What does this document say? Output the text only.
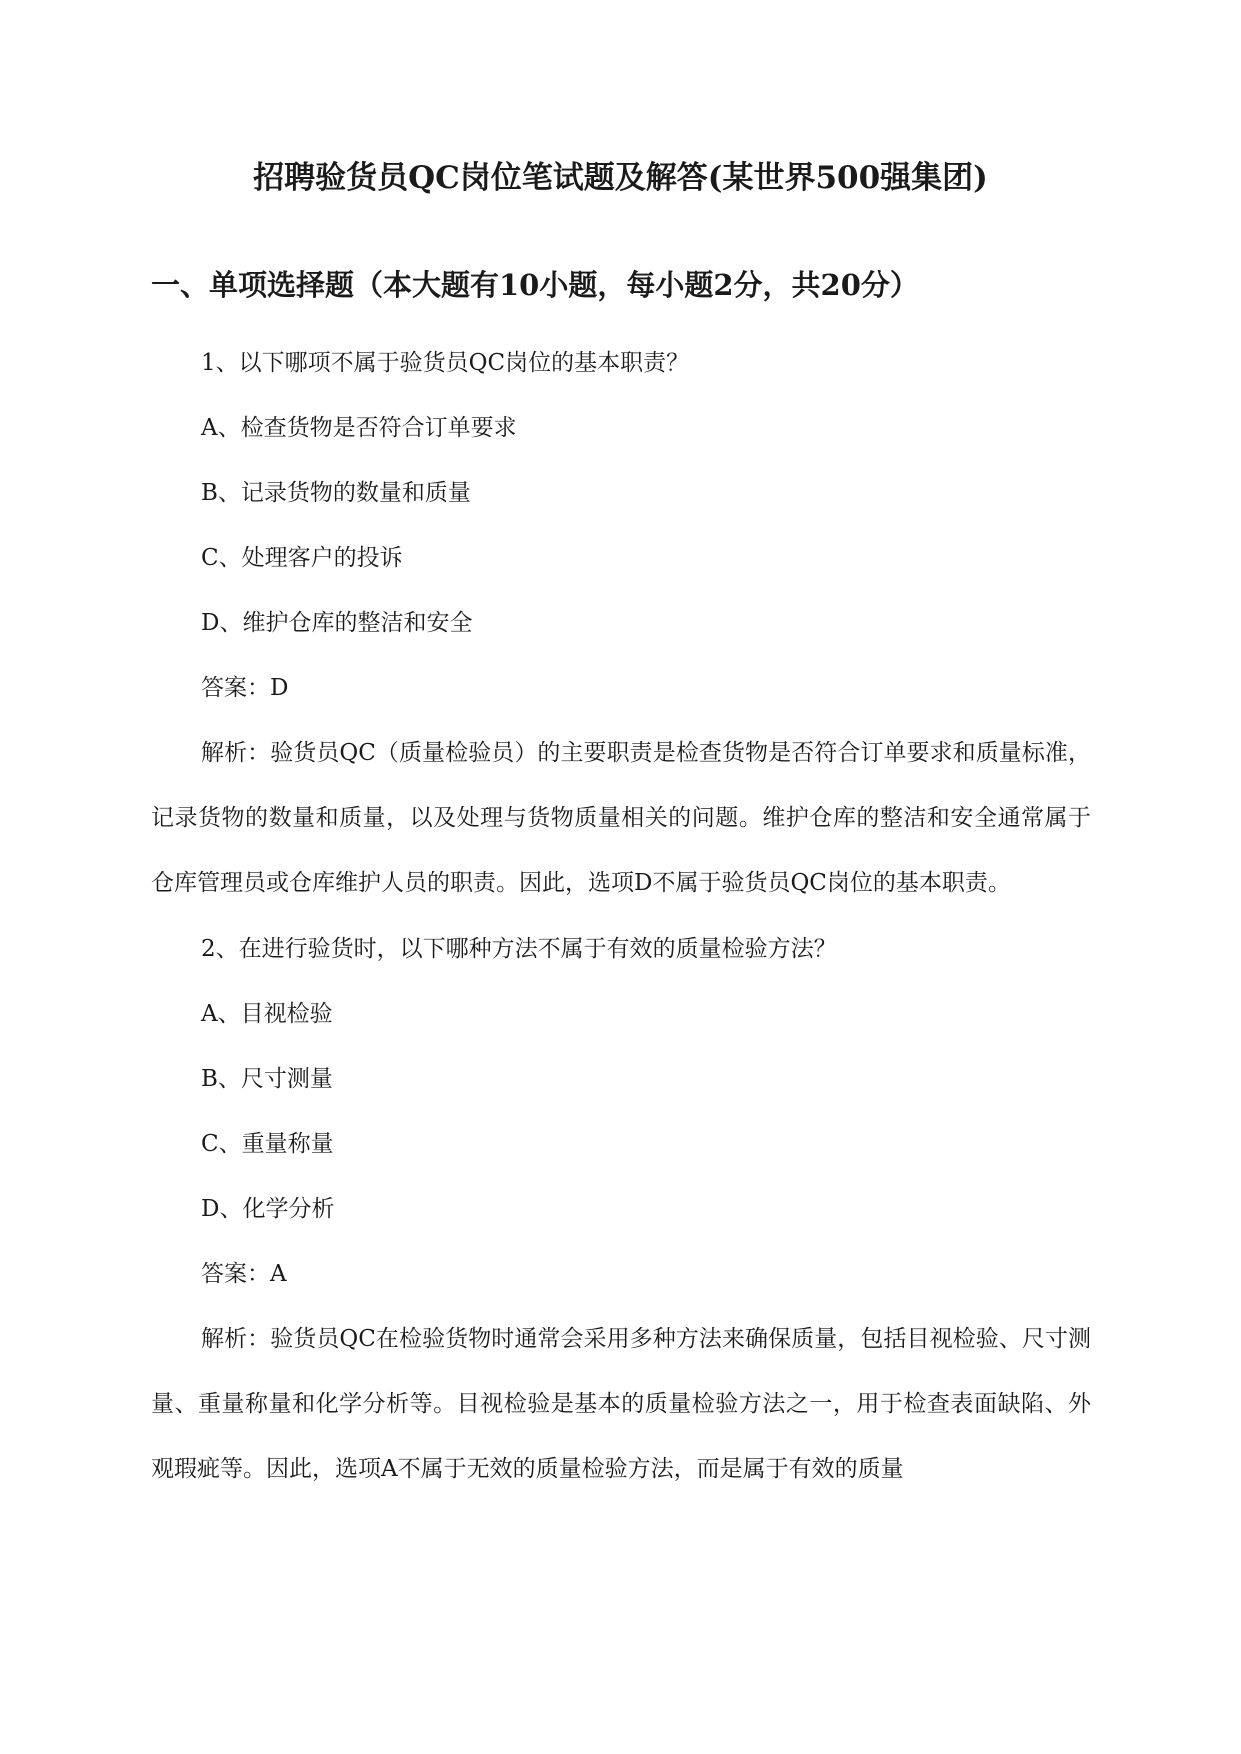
招聘验货员QC岗位笔试题及解答(某世界500强集团)
一、单项选择题（本大题有10小题，每小题2分，共20分）

1、以下哪项不属于验货员QC岗位的基本职责？

A、检查货物是否符合订单要求

B、记录货物的数量和质量

C、处理客户的投诉

D、维护仓库的整洁和安全

答案：D

解析：验货员QC（质量检验员）的主要职责是检查货物是否符合订单要求和质量标准，记录货物的数量和质量，以及处理与货物质量相关的问题。维护仓库的整洁和安全通常属于仓库管理员或仓库维护人员的职责。因此，选项D不属于验货员QC岗位的基本职责。

2、在进行验货时，以下哪种方法不属于有效的质量检验方法？

A、目视检验

B、尺寸测量

C、重量称量

D、化学分析

答案：A

解析：验货员QC在检验货物时通常会采用多种方法来确保质量，包括目视检验、尺寸测量、重量称量和化学分析等。目视检验是基本的质量检验方法之一，用于检查表面缺陷、外观瑕疵等。因此，选项A不属于无效的质量检验方法，而是属于有效的质量
